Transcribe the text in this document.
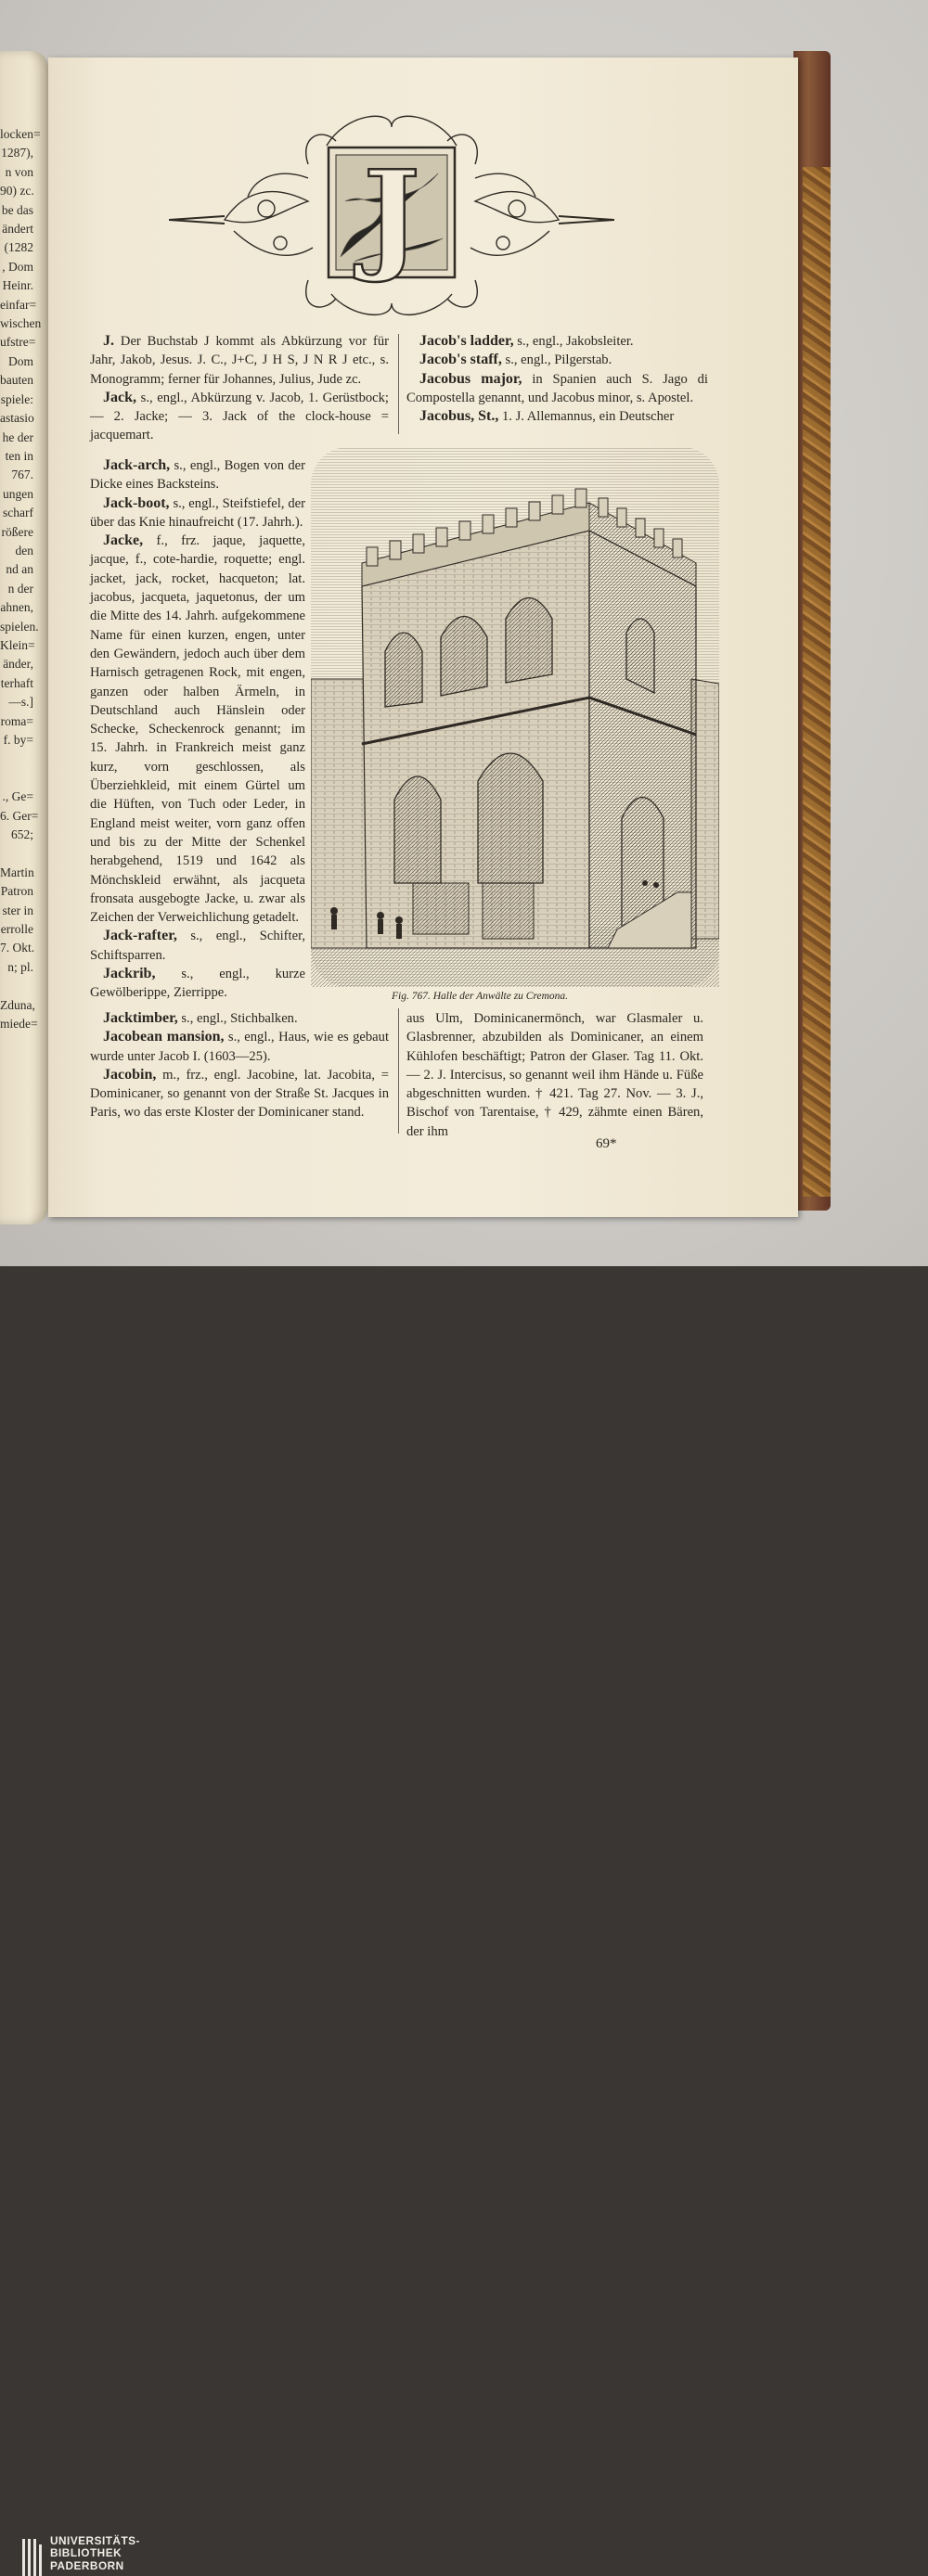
locken=
1287),
n von
90) zc.
be das
ändert
(1282
, Dom
Heinr.
einfar=
wischen
ufstre=
Dom
bauten
spiele:
astasio
he der
ten in
767.
ungen
scharf
rößere
den
nd an
n der
ahnen,
spielen.
Klein=
änder,
terhaft
—s.]
roma=
f. by=

., Ge=
6. Ger=
652;

Martin
Patron
ster in
errolle
7. Okt.
n; pl.

Zduna,
miede=
J

J. Der Buchstab J kommt als Abkürzung vor für Jahr, Jakob, Jesus. J. C., J+C, J H S, J N R J etc., s. Monogramm; ferner für Johannes, Julius, Jude zc.
Jack, s., engl., Abkürzung v. Jacob, 1. Gerüstbock; — 2. Jacke; — 3. Jack of the clock-house = jacquemart.

Jacob's ladder, s., engl., Jakobsleiter.
Jacob's staff, s., engl., Pilgerstab.
Jacobus major, in Spanien auch S. Jago di Compostella genannt, und Jacobus minor, s. Apostel.
Jacobus, St., 1. J. Allemannus, ein Deutscher

Jack-arch, s., engl., Bogen von der Dicke eines Backsteins.
Jack-boot, s., engl., Steifstiefel, der über das Knie hinaufreicht (17. Jahrh.).
Jacke, f., frz. jaque, jaquette, jacque, f., cote-hardie, roquette; engl. jacket, jack, rocket, hacqueton; lat. jacobus, jacqueta, jaquetonus, der um die Mitte des 14. Jahrh. aufgekommene Name für einen kurzen, engen, unter den Gewändern, jedoch auch über dem Harnisch getragenen Rock, mit engen, ganzen oder halben Ärmeln, in Deutschland auch Hänslein oder Schecke, Scheckenrock genannt; im 15. Jahrh. in Frankreich meist ganz kurz, vorn geschlossen, als Überziehkleid, mit einem Gürtel um die Hüften, von Tuch oder Leder, in England meist weiter, vorn ganz offen und bis zu der Mitte der Schenkel herabgehend, 1519 und 1642 als Mönchskleid erwähnt, als jacqueta fronsata ausgebogte Jacke, u. zwar als Zeichen der Verweichlichung getadelt.
Jack-rafter, s., engl., Schifter, Schiftsparren.
Jackrib, s., engl., kurze Gewölberippe, Zierrippe.	Fig. 767. Halle der Anwälte zu Cremona.

Jacktimber, s., engl., Stichbalken.
Jacobean mansion, s., engl., Haus, wie es gebaut wurde unter Jacob I. (1603—25).
Jacobin, m., frz., engl. Jacobine, lat. Jacobita, = Dominicaner, so genannt von der Straße St. Jacques in Paris, wo das erste Kloster der Dominicaner stand.

aus Ulm, Dominicanermönch, war Glasmaler u. Glasbrenner, abzubilden als Dominicaner, an einem Kühlofen beschäftigt; Patron der Glaser. Tag 11. Okt. — 2. J. Intercisus, so genannt weil ihm Hände u. Füße abgeschnitten wurden. † 421. Tag 27. Nov. — 3. J., Bischof von Tarentaise, † 429, zähmte einen Bären, der ihm

69*
UNIVERSITÄTS-
BIBLIOTHEK
PADERBORN
